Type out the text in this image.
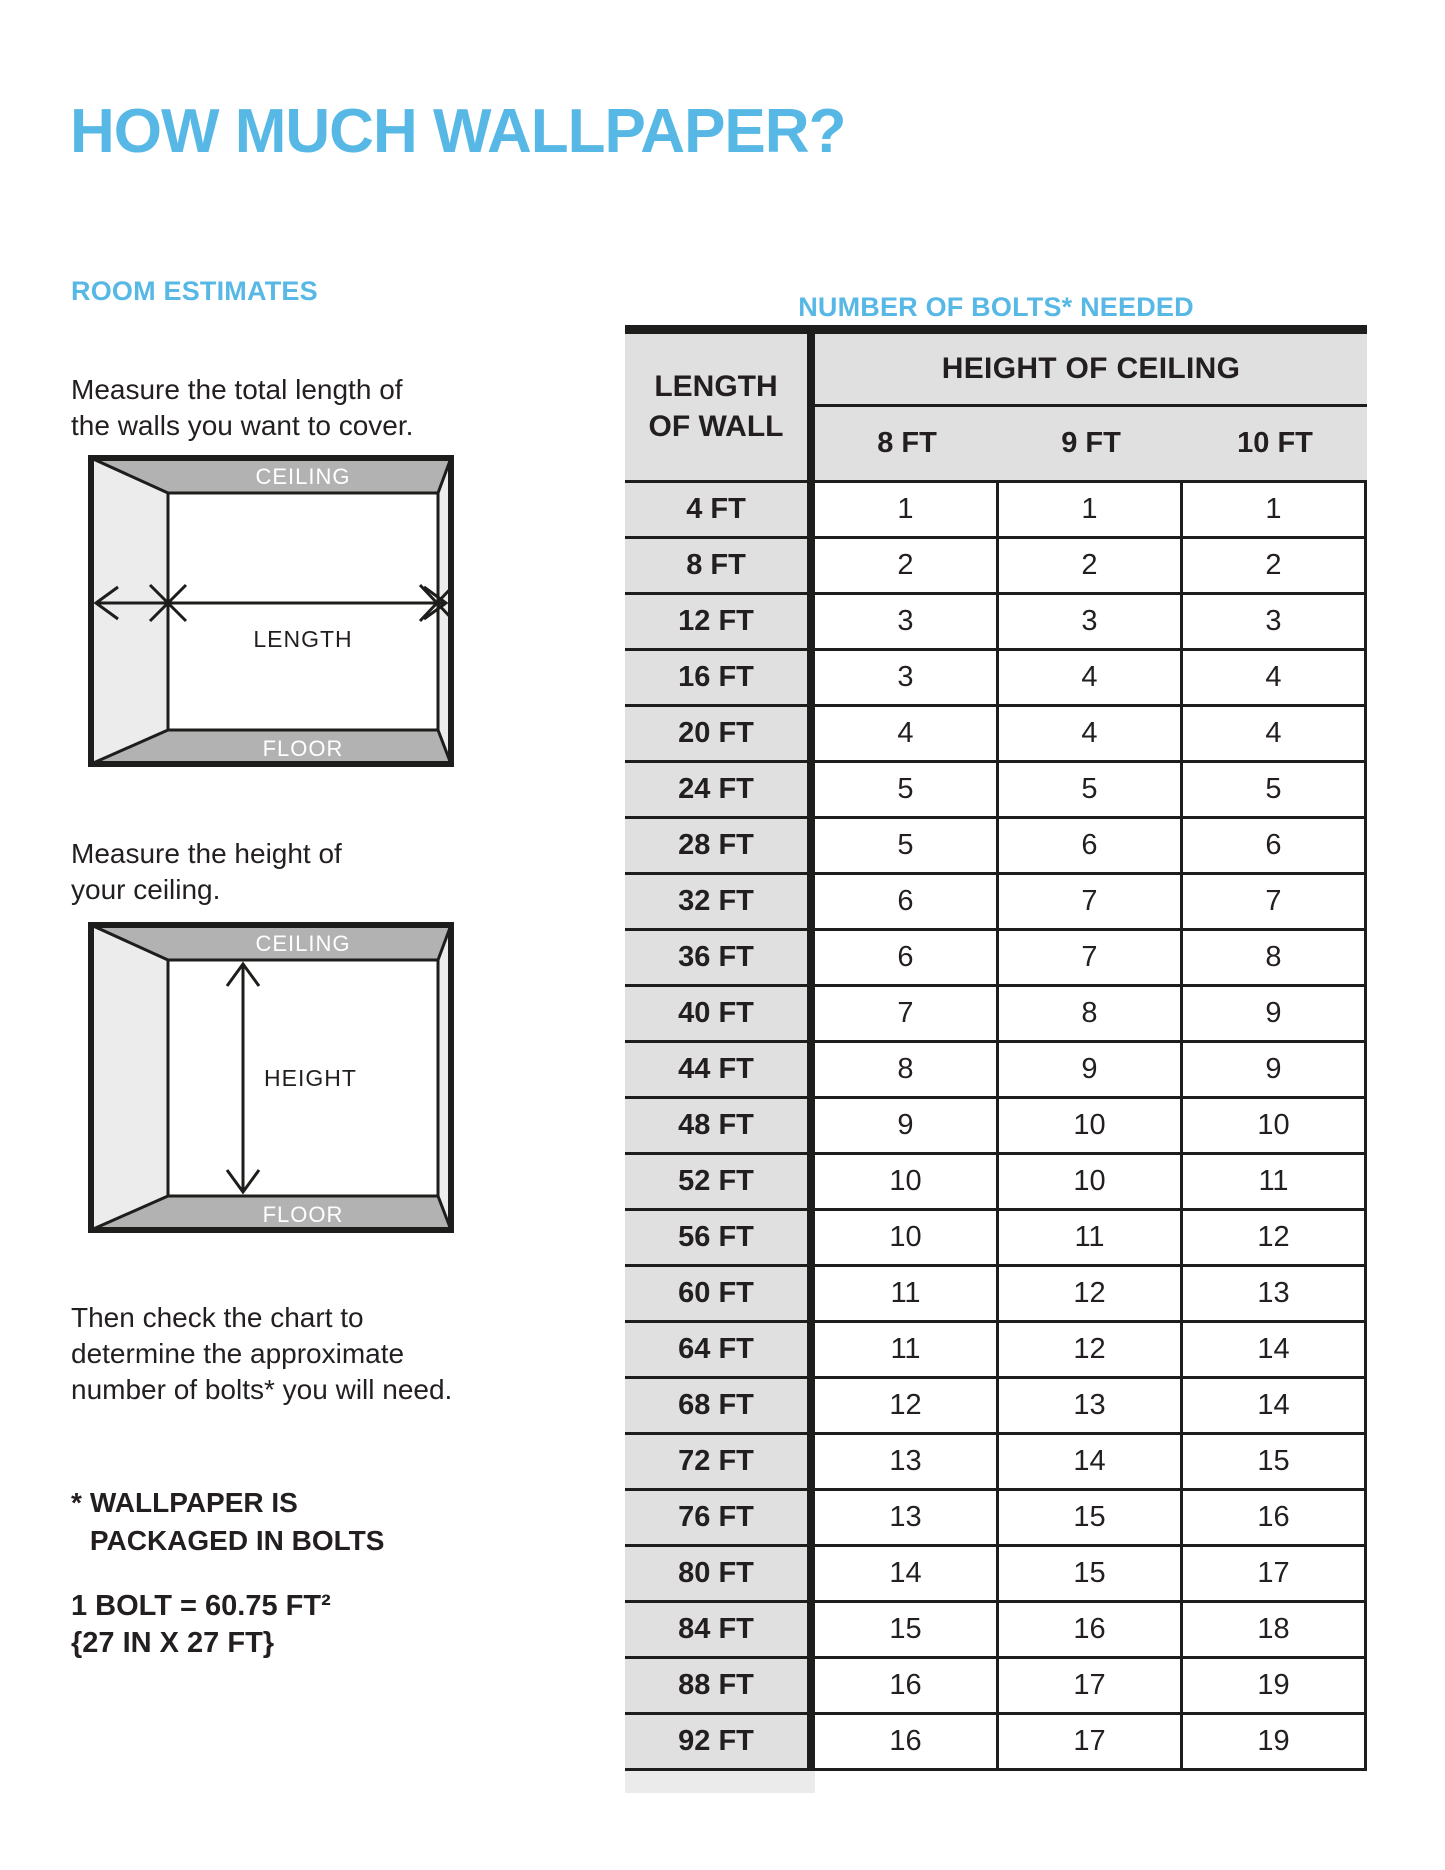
HOW MUCH WALLPAPER?
ROOM ESTIMATES
NUMBER OF BOLTS* NEEDED

Measure the total length of
the walls you want to cover.

CEILING
FLOOR
LENGTH

Measure the height of
your ceiling.

CEILING
FLOOR
HEIGHT

Then check the chart to
determine the approximate
number of bolts* you will need.

* WALLPAPER IS
PACKAGED IN BOLTS
1 BOLT = 60.75 FT²
{27 IN X 27 FT}
LENGTH
OF WALL
HEIGHT OF CEILING
8 FT	9 FT	10 FT
4 FT	1	1	1
8 FT	2	2	2
12 FT	3	3	3
16 FT	3	4	4
20 FT	4	4	4
24 FT	5	5	5
28 FT	5	6	6
32 FT	6	7	7
36 FT	6	7	8
40 FT	7	8	9
44 FT	8	9	9
48 FT	9	10	10
52 FT	10	10	11
56 FT	10	11	12
60 FT	11	12	13
64 FT	11	12	14
68 FT	12	13	14
72 FT	13	14	15
76 FT	13	15	16
80 FT	14	15	17
84 FT	15	16	18
88 FT	16	17	19
92 FT	16	17	19
